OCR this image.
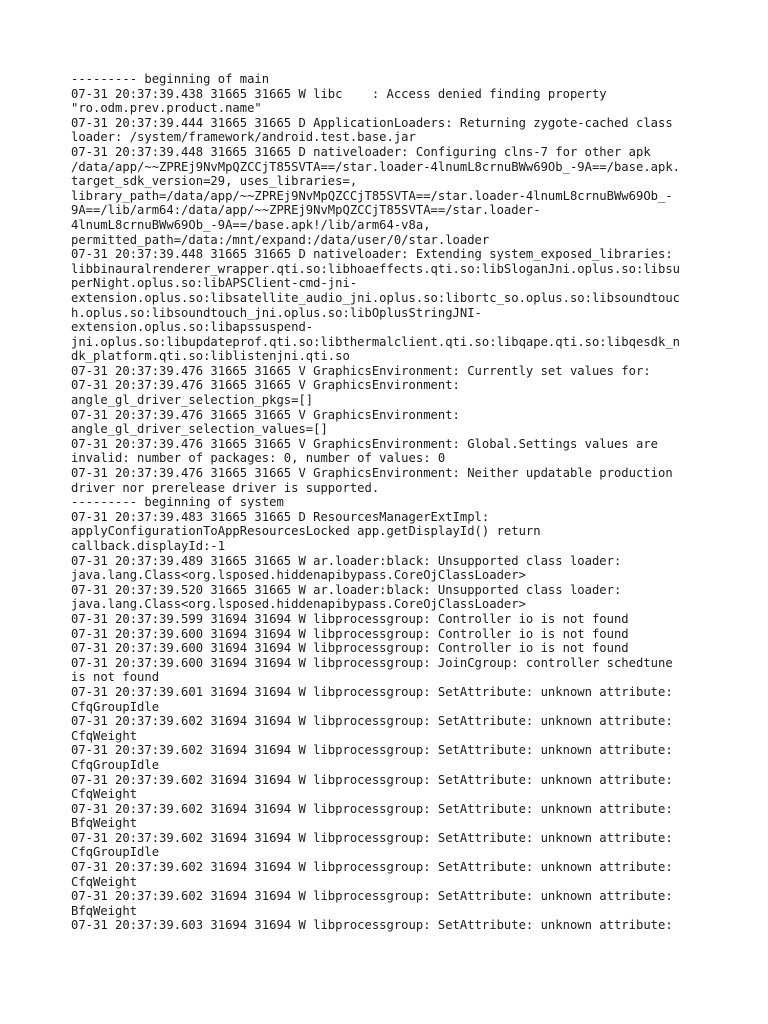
--------- beginning of main
07-31 20:37:39.438 31665 31665 W libc    : Access denied finding property
"ro.odm.prev.product.name"
07-31 20:37:39.444 31665 31665 D ApplicationLoaders: Returning zygote-cached class
loader: /system/framework/android.test.base.jar
07-31 20:37:39.448 31665 31665 D nativeloader: Configuring clns-7 for other apk
/data/app/~~ZPREj9NvMpQZCCjT85SVTA==/star.loader-4lnumL8crnuBWw69Ob_-9A==/base.apk.
target_sdk_version=29, uses_libraries=,
library_path=/data/app/~~ZPREj9NvMpQZCCjT85SVTA==/star.loader-4lnumL8crnuBWw69Ob_-
9A==/lib/arm64:/data/app/~~ZPREj9NvMpQZCCjT85SVTA==/star.loader-
4lnumL8crnuBWw69Ob_-9A==/base.apk!/lib/arm64-v8a,
permitted_path=/data:/mnt/expand:/data/user/0/star.loader
07-31 20:37:39.448 31665 31665 D nativeloader: Extending system_exposed_libraries:
libbinauralrenderer_wrapper.qti.so:libhoaeffects.qti.so:libSloganJni.oplus.so:libsu
perNight.oplus.so:libAPSClient-cmd-jni-
extension.oplus.so:libsatellite_audio_jni.oplus.so:libortc_so.oplus.so:libsoundtouc
h.oplus.so:libsoundtouch_jni.oplus.so:libOplusStringJNI-
extension.oplus.so:libapssuspend-
jni.oplus.so:libupdateprof.qti.so:libthermalclient.qti.so:libqape.qti.so:libqesdk_n
dk_platform.qti.so:liblistenjni.qti.so
07-31 20:37:39.476 31665 31665 V GraphicsEnvironment: Currently set values for:
07-31 20:37:39.476 31665 31665 V GraphicsEnvironment:
angle_gl_driver_selection_pkgs=[]
07-31 20:37:39.476 31665 31665 V GraphicsEnvironment:
angle_gl_driver_selection_values=[]
07-31 20:37:39.476 31665 31665 V GraphicsEnvironment: Global.Settings values are
invalid: number of packages: 0, number of values: 0
07-31 20:37:39.476 31665 31665 V GraphicsEnvironment: Neither updatable production
driver nor prerelease driver is supported.
--------- beginning of system
07-31 20:37:39.483 31665 31665 D ResourcesManagerExtImpl:
applyConfigurationToAppResourcesLocked app.getDisplayId() return
callback.displayId:-1
07-31 20:37:39.489 31665 31665 W ar.loader:black: Unsupported class loader:
java.lang.Class<org.lsposed.hiddenapibypass.CoreOjClassLoader>
07-31 20:37:39.520 31665 31665 W ar.loader:black: Unsupported class loader:
java.lang.Class<org.lsposed.hiddenapibypass.CoreOjClassLoader>
07-31 20:37:39.599 31694 31694 W libprocessgroup: Controller io is not found
07-31 20:37:39.600 31694 31694 W libprocessgroup: Controller io is not found
07-31 20:37:39.600 31694 31694 W libprocessgroup: Controller io is not found
07-31 20:37:39.600 31694 31694 W libprocessgroup: JoinCgroup: controller schedtune
is not found
07-31 20:37:39.601 31694 31694 W libprocessgroup: SetAttribute: unknown attribute:
CfqGroupIdle
07-31 20:37:39.602 31694 31694 W libprocessgroup: SetAttribute: unknown attribute:
CfqWeight
07-31 20:37:39.602 31694 31694 W libprocessgroup: SetAttribute: unknown attribute:
CfqGroupIdle
07-31 20:37:39.602 31694 31694 W libprocessgroup: SetAttribute: unknown attribute:
CfqWeight
07-31 20:37:39.602 31694 31694 W libprocessgroup: SetAttribute: unknown attribute:
BfqWeight
07-31 20:37:39.602 31694 31694 W libprocessgroup: SetAttribute: unknown attribute:
CfqGroupIdle
07-31 20:37:39.602 31694 31694 W libprocessgroup: SetAttribute: unknown attribute:
CfqWeight
07-31 20:37:39.602 31694 31694 W libprocessgroup: SetAttribute: unknown attribute:
BfqWeight
07-31 20:37:39.603 31694 31694 W libprocessgroup: SetAttribute: unknown attribute:
